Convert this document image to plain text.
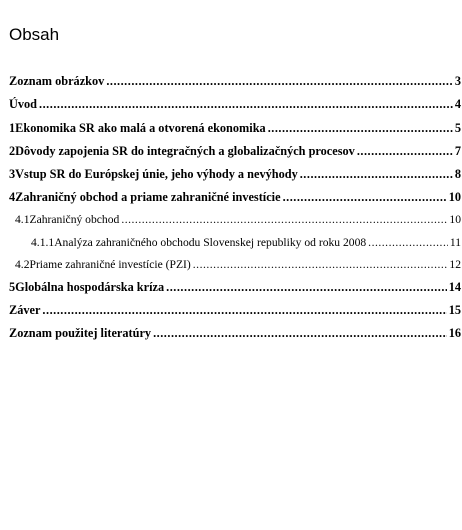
Obsah
Zoznam obrázkov .....	3
Úvod .....	4
1 Ekonomika SR ako malá a otvorená ekonomika .....	5
2 Dôvody zapojenia SR do integračných a globalizačných procesov .....	7
3 Vstup SR do Európskej únie, jeho výhody a nevýhody .....	8
4 Zahraničný obchod a priame zahraničné investície .....	10
4.1 Zahraničný obchod .....	10
4.1.1 Analýza zahraničného obchodu Slovenskej republiky od roku 2008 .....	11
4.2 Priame zahraničné investície (PZI) .....	12
5 Globálna hospodárska kríza .....	14
Záver .....	15
Zoznam použitej literatúry .....	16
